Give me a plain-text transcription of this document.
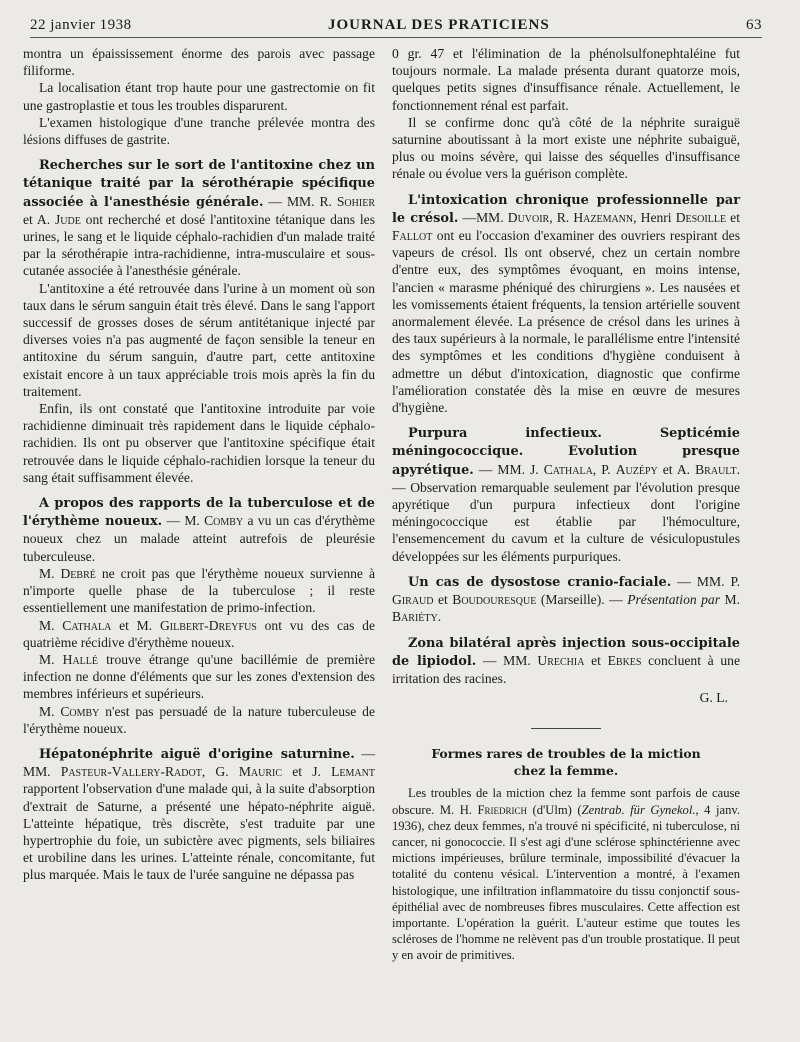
22 janvier 1938	JOURNAL DES PRATICIENS	63

montra un épaississement énorme des parois avec passage filiforme.

La localisation étant trop haute pour une gastrectomie on fit une gastroplastie et tous les troubles disparurent.

L'examen histologique d'une tranche prélevée montra des lésions diffuses de gastrite.

Recherches sur le sort de l'antitoxine chez un tétanique traité par la sérothérapie spécifique associée à l'anesthésie générale. — MM. R. Sohier et A. Jude ont recherché et dosé l'antitoxine tétanique dans les urines, le sang et le liquide céphalo-rachidien d'un malade traité par la sérothérapie intra-rachidienne, intra-musculaire et sous-cutanée associée à l'anesthésie générale.

L'antitoxine a été retrouvée dans l'urine à un moment où son taux dans le sérum sanguin était très élevé. Dans le sang l'apport successif de grosses doses de sérum antitétanique injecté par diverses voies n'a pas augmenté de façon sensible la teneur en antitoxine du sérum sanguin, d'autre part, cette antitoxine existait encore à un taux appréciable trois mois après la fin du traitement.

Enfin, ils ont constaté que l'antitoxine introduite par voie rachidienne diminuait très rapidement dans le liquide céphalo-rachidien. Ils ont pu observer que l'antitoxine spécifique était retrouvée dans le liquide céphalo-rachidien lorsque la teneur du sang était suffisamment élevée.

A propos des rapports de la tuberculose et de l'érythème noueux. — M. Comby a vu un cas d'érythème noueux chez un malade atteint autrefois de pleurésie tuberculeuse.

M. Debré ne croit pas que l'érythème noueux survienne à n'importe quelle phase de la tuberculose ; il reste essentiellement une manifestation de primo-infection.

M. Cathala et M. Gilbert-Dreyfus ont vu des cas de quatrième récidive d'érythème noueux.

M. Hallé trouve étrange qu'une bacillémie de première infection ne donne d'éléments que sur les zones d'extension des membres inférieurs et supérieurs.

M. Comby n'est pas persuadé de la nature tuberculeuse de l'érythème noueux.

Hépatonéphrite aiguë d'origine saturnine. — MM. Pasteur-Vallery-Radot, G. Mauric et J. Lemant rapportent l'observation d'une malade qui, à la suite d'absorption d'extrait de Saturne, a présenté une hépato-néphrite aiguë. L'atteinte hépatique, très discrète, s'est traduite par une hypertrophie du foie, un subictère avec pigments, sels biliaires et urobiline dans les urines. L'atteinte rénale, concomitante, fut plus marquée. Mais le taux de l'urée sanguine ne dépassa pas

0 gr. 47 et l'élimination de la phénolsulfonephtaléine fut toujours normale. La malade présenta durant quatorze mois, quelques petits signes d'insuffisance rénale. Actuellement, le fonctionnement rénal est parfait.

Il se confirme donc qu'à côté de la néphrite suraiguë saturnine aboutissant à la mort existe une néphrite subaiguë, plus ou moins sévère, qui laisse des séquelles d'insuffisance rénale ou évolue vers la guérison complète.

L'intoxication chronique professionnelle par le crésol. —MM. Duvoir, R. Hazemann, Henri Desoille et Fallot ont eu l'occasion d'examiner des ouvriers respirant des vapeurs de crésol. Ils ont observé, chez un certain nombre d'entre eux, des symptômes évoquant, en moins intense, l'ancien « marasme phéniqué des chirurgiens ». Les nausées et les vomissements étaient fréquents, la tension artérielle souvent anormalement élevée. La présence de crésol dans les urines à des taux supérieurs à la normale, le parallélisme entre l'intensité des symptômes et les conditions d'hygiène conduisent à admettre un début d'intoxication, diagnostic que confirme l'amélioration constatée dès la mise en œuvre de mesures d'hygiène.

Purpura infectieux. Septicémie méningococcique. Evolution presque apyrétique. — MM. J. Cathala, P. Auzépy et A. Brault. — Observation remarquable seulement par l'évolution presque apyrétique d'un purpura infectieux dont l'origine méningococcique est établie par l'hémoculture, l'ensemencement du cavum et la culture de vésiculopustules développées sur les éléments purpuriques.

Un cas de dysostose cranio-faciale. — MM. P. Giraud et Boudouresque (Marseille). — Présentation par M. Bariéty.

Zona bilatéral après injection sous-occipitale de lipiodol. — MM. Urechia et Ebkes concluent à une irritation des racines.

G. L.
Formes rares de troubles de la miction
chez la femme.

Les troubles de la miction chez la femme sont parfois de cause obscure. M. H. Friedrich (d'Ulm) (Zentrab. für Gynekol., 4 janv. 1936), chez deux femmes, n'a trouvé ni spécificité, ni tuberculose, ni cancer, ni gonococcie. Il s'est agi d'une sclérose sphinctérienne avec mictions impérieuses, brûlure terminale, impossibilité d'évacuer la totalité du contenu vésical. L'intervention a montré, à l'examen histologique, une infiltration inflammatoire du tissu conjonctif sous-épithélial avec de nombreuses fibres musculaires. Cette affection est importante. L'opération la guérit. L'auteur estime que toutes les scléroses de l'homme ne relèvent pas d'un trouble prostatique. Il peut y en avoir de primitives.
